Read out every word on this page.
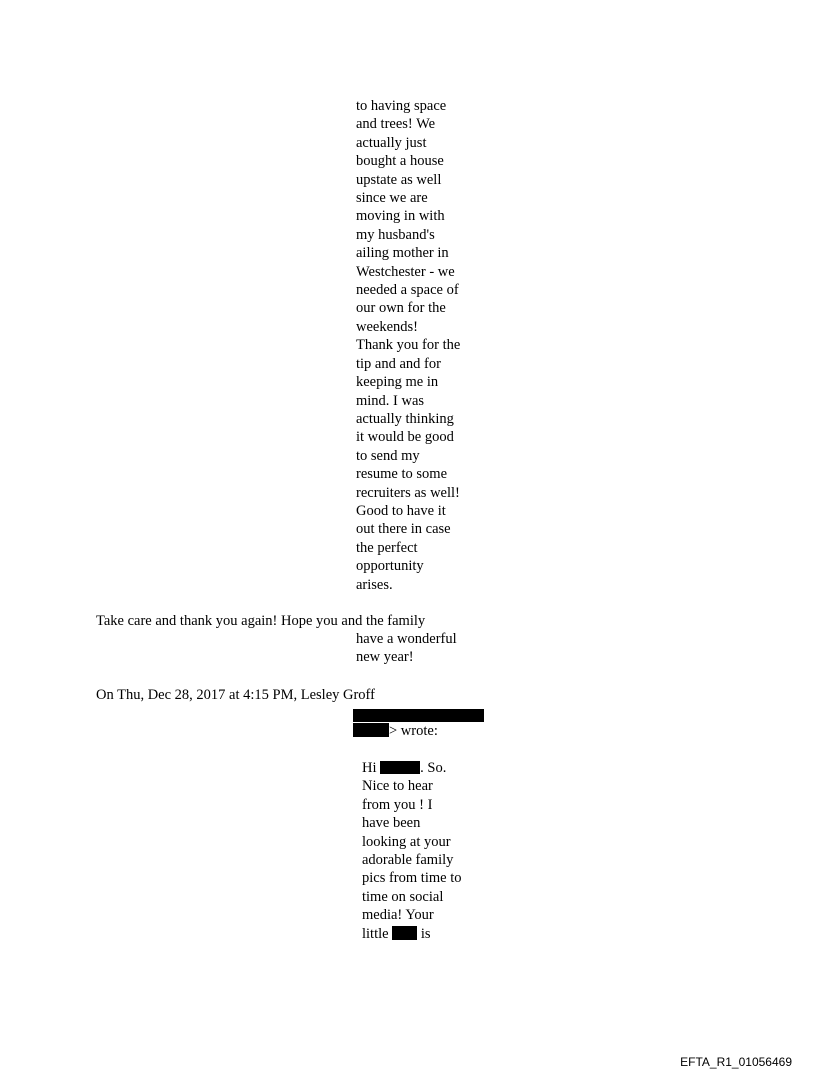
to having space
and trees! We
actually just
bought a house
upstate as well
since we are
moving in with
my husband's
ailing mother in
Westchester - we
needed a space of
our own for the
weekends!
Thank you for the
tip and and for
keeping me in
mind. I was
actually thinking
it would be good
to send my
resume to some
recruiters as well!
Good to have it
out there in case
the perfect
opportunity
arises.
Take care and thank you again! Hope you and the family
have a wonderful
new year!
On Thu, Dec 28, 2017 at 4:15 PM, Lesley Groff
> wrote:
Hi	. So.
Nice to hear
from you ! I
have been
looking at your
adorable family
pics from time to
time on social
media! Your
little is
EFTA_R1_01056469
